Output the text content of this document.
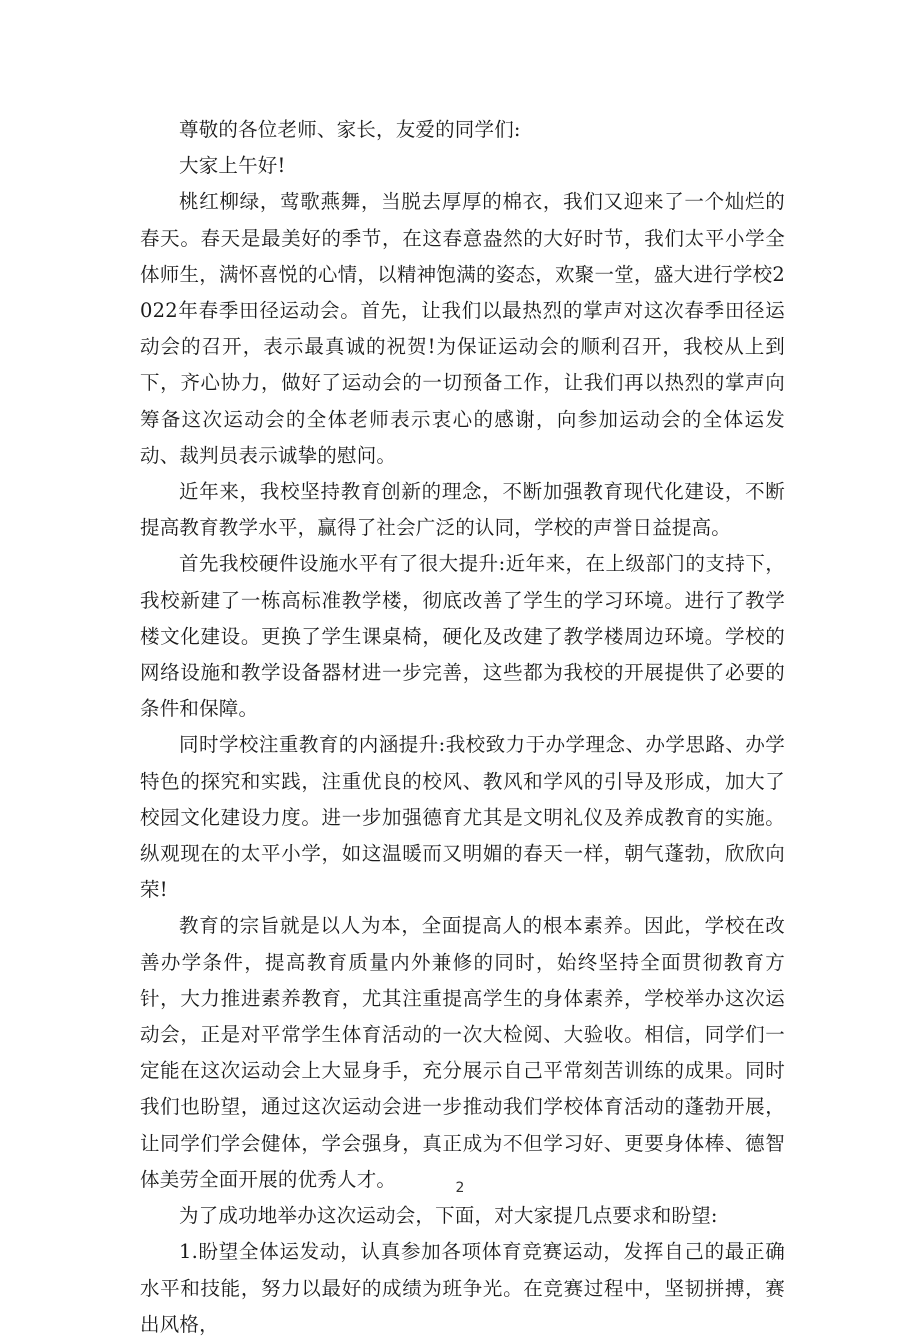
尊敬的各位老师、家长，友爱的同学们:

大家上午好!

桃红柳绿，莺歌燕舞，当脱去厚厚的棉衣，我们又迎来了一个灿烂的春天。春天是最美好的季节，在这春意盎然的大好时节，我们太平小学全体师生，满怀喜悦的心情，以精神饱满的姿态，欢聚一堂，盛大进行学校2022年春季田径运动会。首先，让我们以最热烈的掌声对这次春季田径运动会的召开，表示最真诚的祝贺!为保证运动会的顺利召开，我校从上到下，齐心协力，做好了运动会的一切预备工作，让我们再以热烈的掌声向筹备这次运动会的全体老师表示衷心的感谢，向参加运动会的全体运发动、裁判员表示诚挚的慰问。

近年来，我校坚持教育创新的理念，不断加强教育现代化建设，不断提高教育教学水平，赢得了社会广泛的认同，学校的声誉日益提高。

首先我校硬件设施水平有了很大提升:近年来，在上级部门的支持下，我校新建了一栋高标准教学楼，彻底改善了学生的学习环境。进行了教学楼文化建设。更换了学生课桌椅，硬化及改建了教学楼周边环境。学校的网络设施和教学设备器材进一步完善，这些都为我校的开展提供了必要的条件和保障。

同时学校注重教育的内涵提升:我校致力于办学理念、办学思路、办学特色的探究和实践，注重优良的校风、教风和学风的引导及形成，加大了校园文化建设力度。进一步加强德育尤其是文明礼仪及养成教育的实施。纵观现在的太平小学，如这温暖而又明媚的春天一样，朝气蓬勃，欣欣向荣!

教育的宗旨就是以人为本，全面提高人的根本素养。因此，学校在改善办学条件，提高教育质量内外兼修的同时，始终坚持全面贯彻教育方针，大力推进素养教育，尤其注重提高学生的身体素养，学校举办这次运动会，正是对平常学生体育活动的一次大检阅、大验收。相信，同学们一定能在这次运动会上大显身手，充分展示自己平常刻苦训练的成果。同时我们也盼望，通过这次运动会进一步推动我们学校体育活动的蓬勃开展，让同学们学会健体，学会强身，真正成为不但学习好、更要身体棒、德智体美劳全面开展的优秀人才。

为了成功地举办这次运动会，下面，对大家提几点要求和盼望:

1.盼望全体运发动，认真参加各项体育竞赛运动，发挥自己的最正确水平和技能，努力以最好的成绩为班争光。在竞赛过程中，坚韧拼搏，赛出风格，

2
